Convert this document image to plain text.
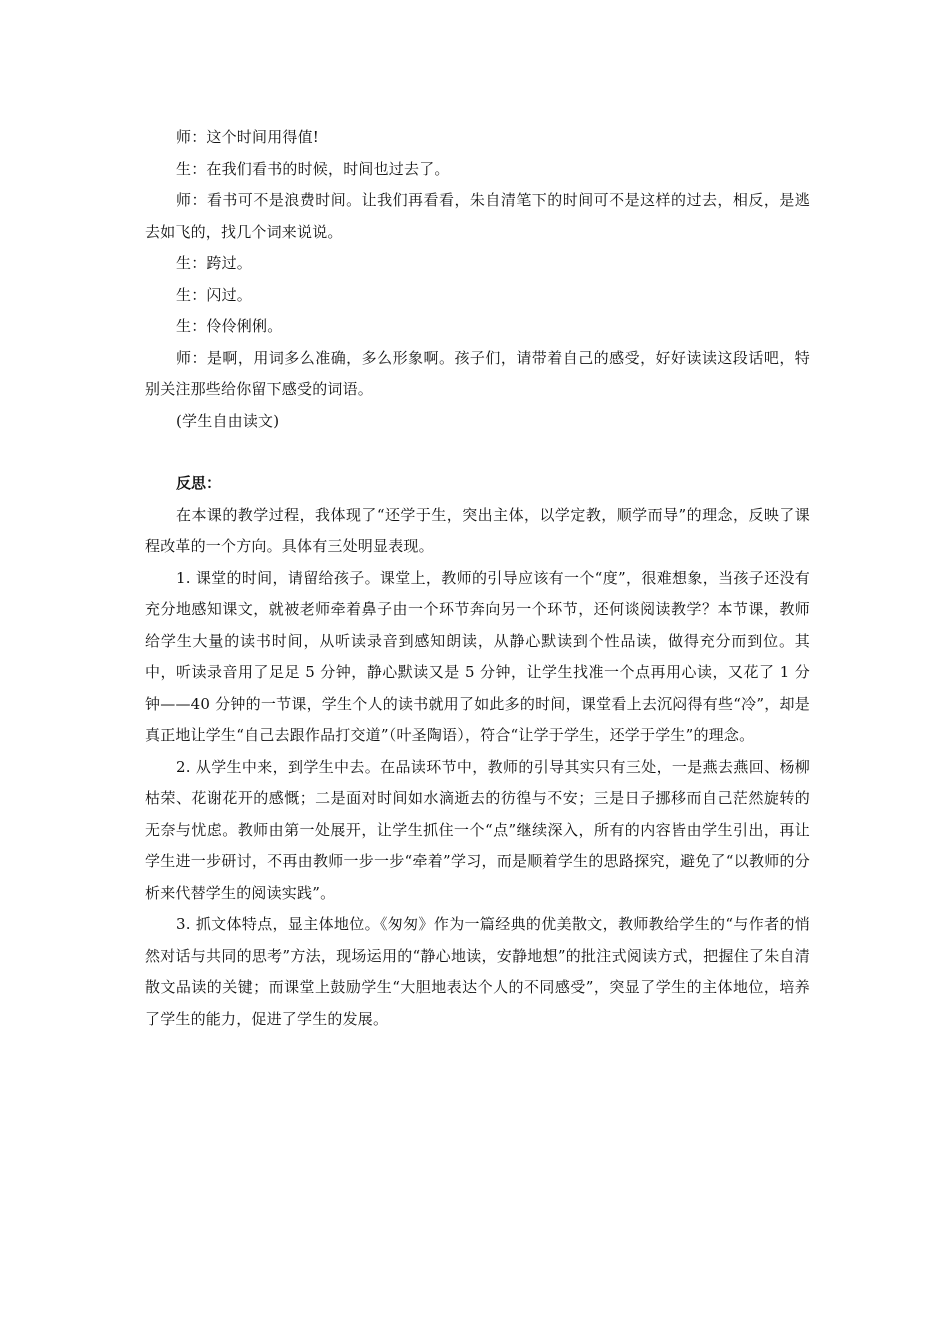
师：这个时间用得值!

生：在我们看书的时候，时间也过去了。

师：看书可不是浪费时间。让我们再看看，朱自清笔下的时间可不是这样的过去，相反，是逃去如飞的，找几个词来说说。

生：跨过。

生：闪过。

生：伶伶俐俐。

师：是啊，用词多么准确，多么形象啊。孩子们，请带着自己的感受，好好读读这段话吧，特别关注那些给你留下感受的词语。

(学生自由读文)

反思：

在本课的教学过程，我体现了“还学于生，突出主体，以学定教，顺学而导”的理念，反映了课程改革的一个方向。具体有三处明显表现。

1. 课堂的时间，请留给孩子。课堂上，教师的引导应该有一个“度”，很难想象，当孩子还没有充分地感知课文，就被老师牵着鼻子由一个环节奔向另一个环节，还何谈阅读教学？本节课，教师给学生大量的读书时间，从听读录音到感知朗读，从静心默读到个性品读，做得充分而到位。其中，听读录音用了足足 5 分钟，静心默读又是 5 分钟，让学生找准一个点再用心读，又花了 1 分钟——40 分钟的一节课，学生个人的读书就用了如此多的时间，课堂看上去沉闷得有些“冷”，却是真正地让学生“自己去跟作品打交道”（叶圣陶语），符合“让学于学生，还学于学生”的理念。

2. 从学生中来，到学生中去。在品读环节中，教师的引导其实只有三处，一是燕去燕回、杨柳枯荣、花谢花开的感慨；二是面对时间如水滴逝去的彷徨与不安；三是日子挪移而自己茫然旋转的无奈与忧虑。教师由第一处展开，让学生抓住一个“点”继续深入，所有的内容皆由学生引出，再让学生进一步研讨，不再由教师一步一步“牵着”学习，而是顺着学生的思路探究，避免了“以教师的分析来代替学生的阅读实践”。

3. 抓文体特点，显主体地位。《匆匆》作为一篇经典的优美散文，教师教给学生的“与作者的悄然对话与共同的思考”方法，现场运用的“静心地读，安静地想”的批注式阅读方式，把握住了朱自清散文品读的关键；而课堂上鼓励学生“大胆地表达个人的不同感受”，突显了学生的主体地位，培养了学生的能力，促进了学生的发展。
